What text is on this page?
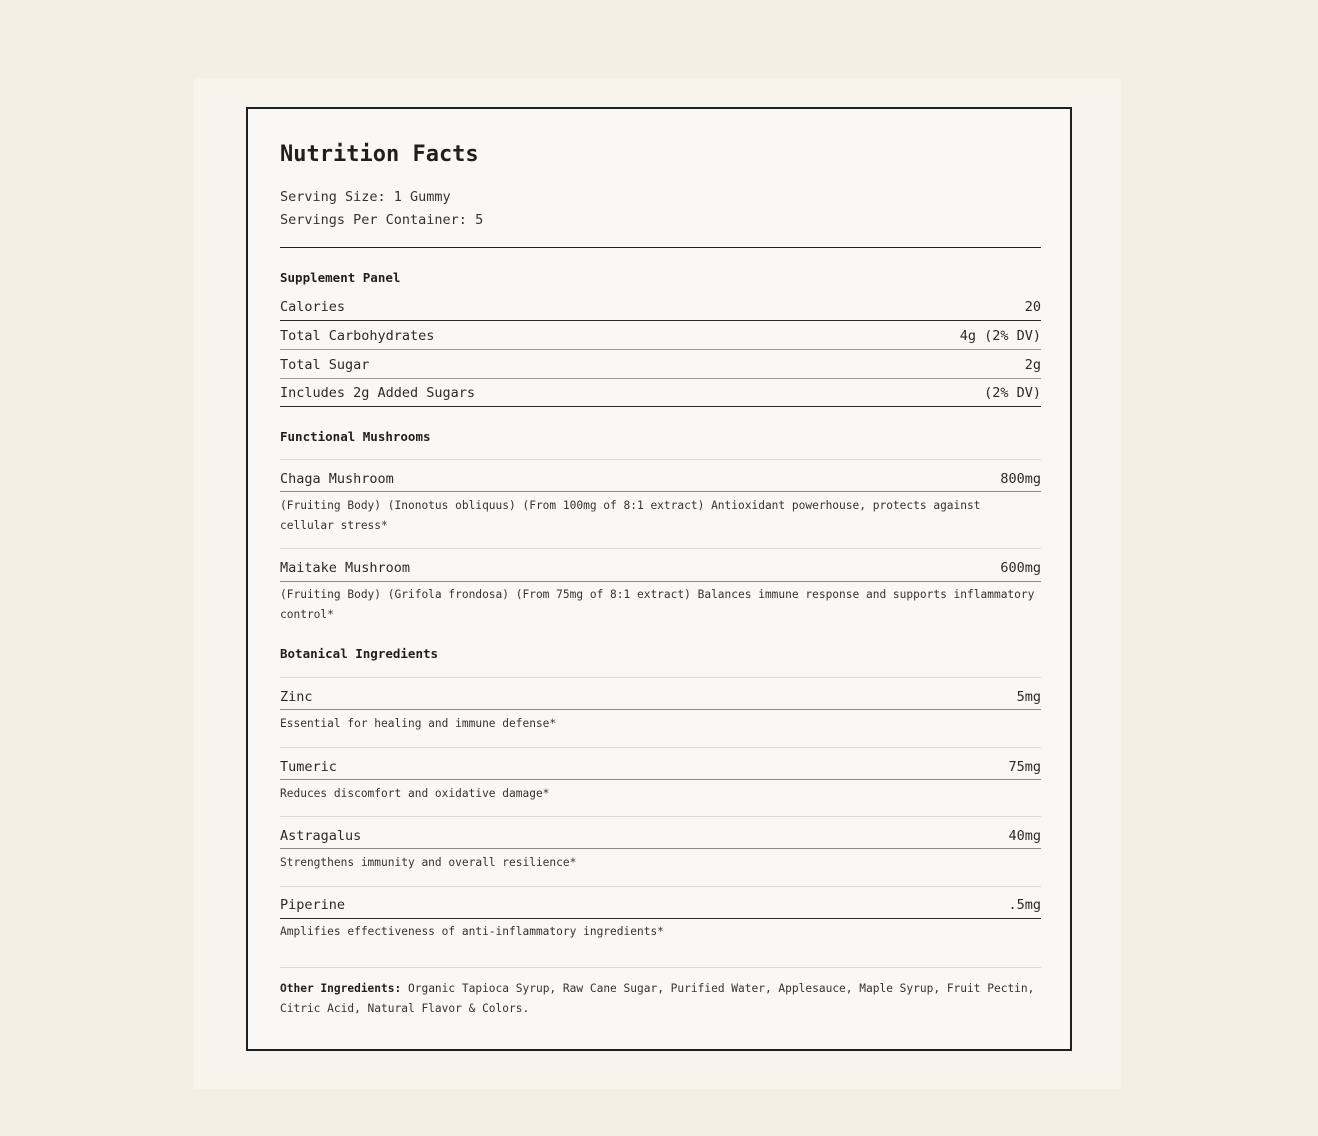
Nutrition Facts
Serving Size: 1 Gummy
Servings Per Container: 5
Supplement Panel
Calories	20
Total Carbohydrates	4g (2% DV)
Total Sugar	2g
Includes 2g Added Sugars	(2% DV)
Functional Mushrooms
Chaga Mushroom	800mg
(Fruiting Body) (Inonotus obliquus) (From 100mg of 8:1 extract) Antioxidant powerhouse, protects against cellular stress*
Maitake Mushroom	600mg
(Fruiting Body) (Grifola frondosa) (From 75mg of 8:1 extract) Balances immune response and supports inflammatory control*
Botanical Ingredients
Zinc	5mg
Essential for healing and immune defense*
Tumeric	75mg
Reduces discomfort and oxidative damage*
Astragalus	40mg
Strengthens immunity and overall resilience*
Piperine	.5mg
Amplifies effectiveness of anti-inflammatory ingredients*
Other Ingredients: Organic Tapioca Syrup, Raw Cane Sugar, Purified Water, Applesauce, Maple Syrup, Fruit Pectin, Citric Acid, Natural Flavor & Colors.
